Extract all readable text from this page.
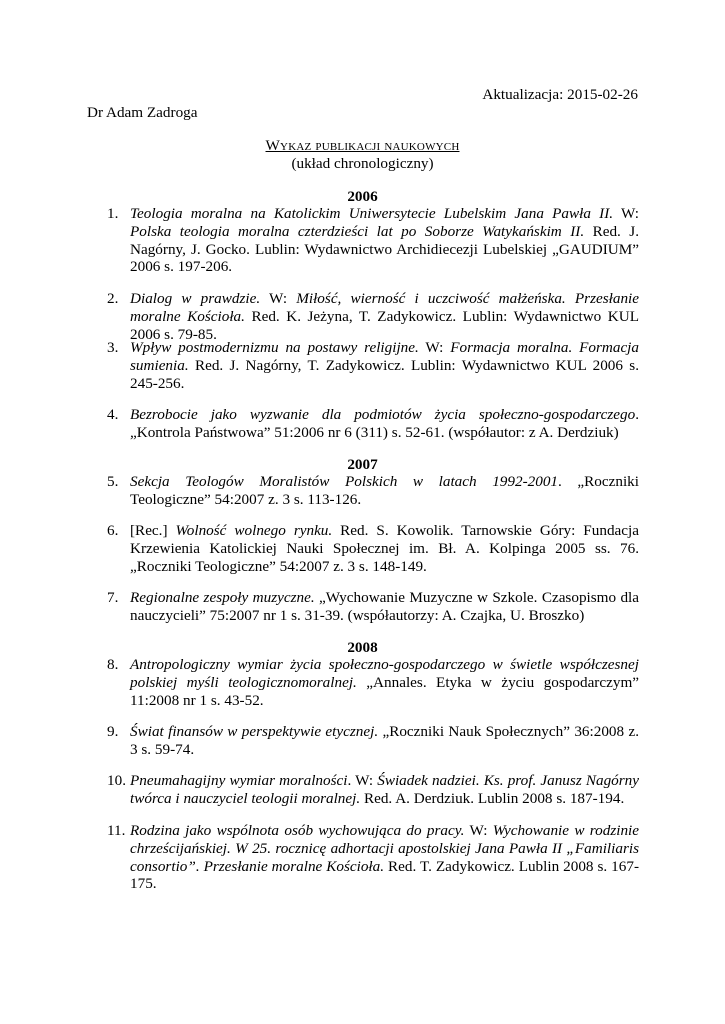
Aktualizacja: 2015-02-26
Dr Adam Zadroga
Wykaz publikacji naukowych
(układ chronologiczny)
2006
1. Teologia moralna na Katolickim Uniwersytecie Lubelskim Jana Pawła II. W: Polska teologia moralna czterdzieści lat po Soborze Watykańskim II. Red. J. Nagórny, J. Gocko. Lublin: Wydawnictwo Archidiecezji Lubelskiej „GAUDIUM” 2006 s. 197-206.
2. Dialog w prawdzie. W: Miłość, wierność i uczciwość małżeńska. Przesłanie moralne Kościoła. Red. K. Jeżyna, T. Zadykowicz. Lublin: Wydawnictwo KUL 2006 s. 79-85.
3. Wpływ postmodernizmu na postawy religijne. W: Formacja moralna. Formacja sumienia. Red. J. Nagórny, T. Zadykowicz. Lublin: Wydawnictwo KUL 2006 s. 245-256.
4. Bezrobocie jako wyzwanie dla podmiotów życia społeczno-gospodarczego. „Kontrola Państwowa” 51:2006 nr 6 (311) s. 52-61. (współautor: z A. Derdziuk)
2007
5. Sekcja Teologów Moralistów Polskich w latach 1992-2001. „Roczniki Teologiczne” 54:2007 z. 3 s. 113-126.
6. [Rec.] Wolność wolnego rynku. Red. S. Kowolik. Tarnowskie Góry: Fundacja Krzewienia Katolickiej Nauki Społecznej im. Bł. A. Kolpinga 2005 ss. 76. „Roczniki Teologiczne” 54:2007 z. 3 s. 148-149.
7. Regionalne zespoły muzyczne. „Wychowanie Muzyczne w Szkole. Czasopismo dla nauczycieli” 75:2007 nr 1 s. 31-39. (współautorzy: A. Czajka, U. Broszko)
2008
8. Antropologiczny wymiar życia społeczno-gospodarczego w świetle współczesnej polskiej myśli teologicznomoralnej. „Annales. Etyka w życiu gospodarczym” 11:2008 nr 1 s. 43-52.
9. Świat finansów w perspektywie etycznej. „Roczniki Nauk Społecznych” 36:2008 z. 3 s. 59-74.
10. Pneumahagijny wymiar moralności. W: Świadek nadziei. Ks. prof. Janusz Nagórny twórca i nauczyciel teologii moralnej. Red. A. Derdziuk. Lublin 2008 s. 187-194.
11. Rodzina jako wspólnota osób wychowująca do pracy. W: Wychowanie w rodzinie chrześcijańskiej. W 25. rocznicę adhortacji apostolskiej Jana Pawła II „Familiaris consortio”. Przesłanie moralne Kościoła. Red. T. Zadykowicz. Lublin 2008 s. 167-175.
